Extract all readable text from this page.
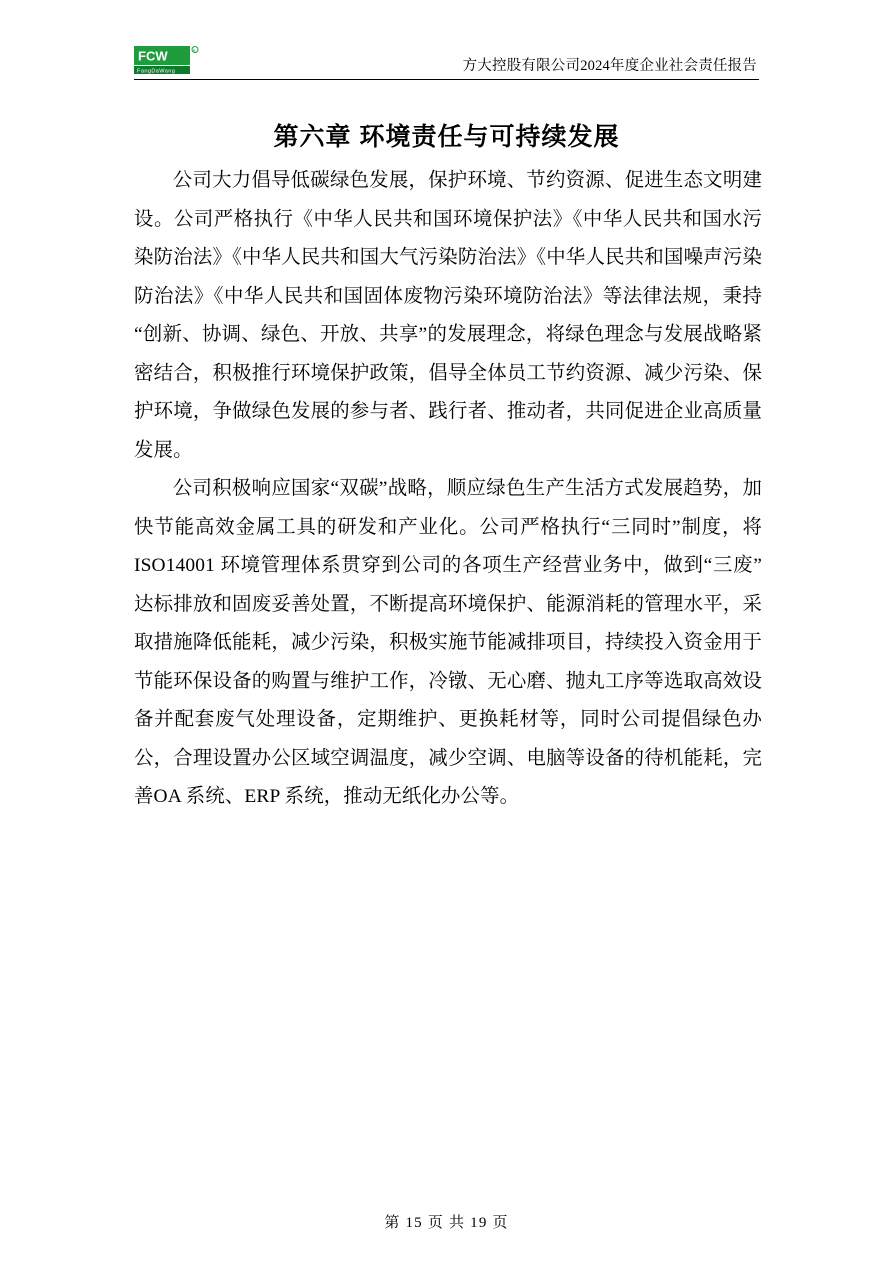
FCW	R
FangDaWang	方大控股有限公司2024年度企业社会责任报告
第六章 环境责任与可持续发展

公司大力倡导低碳绿色发展，保护环境、节约资源、促进生态文明建设。公司严格执行《中华人民共和国环境保护法》《中华人民共和国水污染防治法》《中华人民共和国大气污染防治法》《中华人民共和国噪声污染防治法》《中华人民共和国固体废物污染环境防治法》等法律法规，秉持“创新、协调、绿色、开放、共享”的发展理念，将绿色理念与发展战略紧密结合，积极推行环境保护政策，倡导全体员工节约资源、减少污染、保护环境，争做绿色发展的参与者、践行者、推动者，共同促进企业高质量发展。

公司积极响应国家“双碳”战略，顺应绿色生产生活方式发展趋势，加快节能高效金属工具的研发和产业化。公司严格执行“三同时”制度，将 ISO14001 环境管理体系贯穿到公司的各项生产经营业务中，做到“三废”达标排放和固废妥善处置，不断提高环境保护、能源消耗的管理水平，采取措施降低能耗，减少污染，积极实施节能减排项目，持续投入资金用于节能环保设备的购置与维护工作，冷镦、无心磨、抛丸工序等选取高效设备并配套废气处理设备，定期维护、更换耗材等，同时公司提倡绿色办公，合理设置办公区域空调温度，减少空调、电脑等设备的待机能耗，完善OA 系统、ERP 系统，推动无纸化办公等。

第 15 页 共 19 页
